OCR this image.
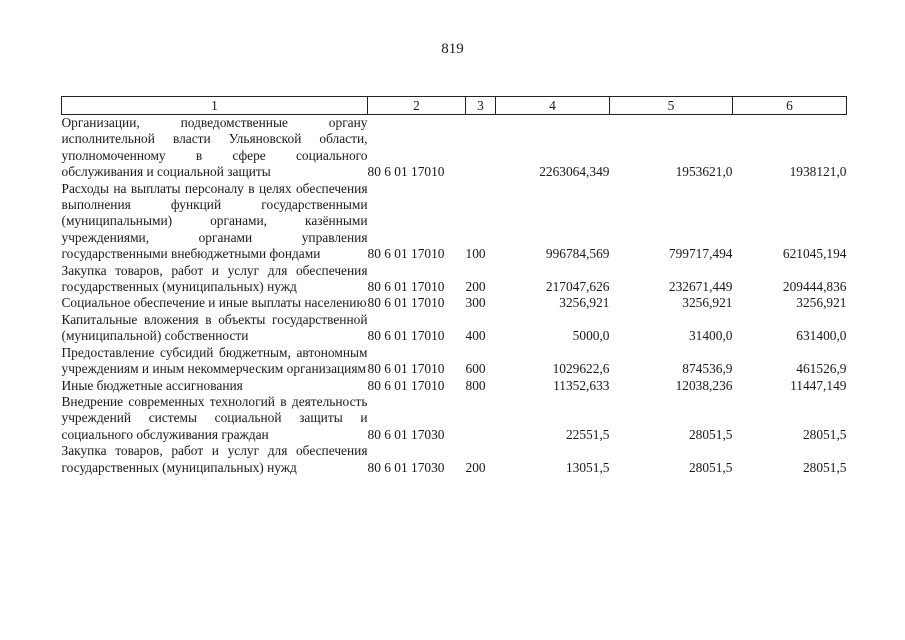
819
1	2	3	4	5	6
Организации, подведомственные органу исполнительной власти Ульяновской области, уполномоченному в сфере социального обслуживания и социальной защиты	80 6 01 17010		2263064,349	1953621,0	1938121,0
Расходы на выплаты персоналу в целях обеспечения выполнения функций государственными (муниципальными) органами, казёнными учреждениями, органами управления государственными внебюджетными фондами	80 6 01 17010	100	996784,569	799717,494	621045,194
Закупка товаров, работ и услуг для обеспечения государственных (муниципальных) нужд	80 6 01 17010	200	217047,626	232671,449	209444,836
Социальное обеспечение и иные выплаты населению	80 6 01 17010	300	3256,921	3256,921	3256,921
Капитальные вложения в объекты государственной (муниципальной) собственности	80 6 01 17010	400	5000,0	31400,0	631400,0
Предоставление субсидий бюджетным, автономным учреждениям и иным некоммерческим организациям	80 6 01 17010	600	1029622,6	874536,9	461526,9
Иные бюджетные ассигнования	80 6 01 17010	800	11352,633	12038,236	11447,149
Внедрение современных технологий в деятельность учреждений системы социальной защиты и социального обслуживания граждан	80 6 01 17030		22551,5	28051,5	28051,5
Закупка товаров, работ и услуг для обеспечения государственных (муниципальных) нужд	80 6 01 17030	200	13051,5	28051,5	28051,5
